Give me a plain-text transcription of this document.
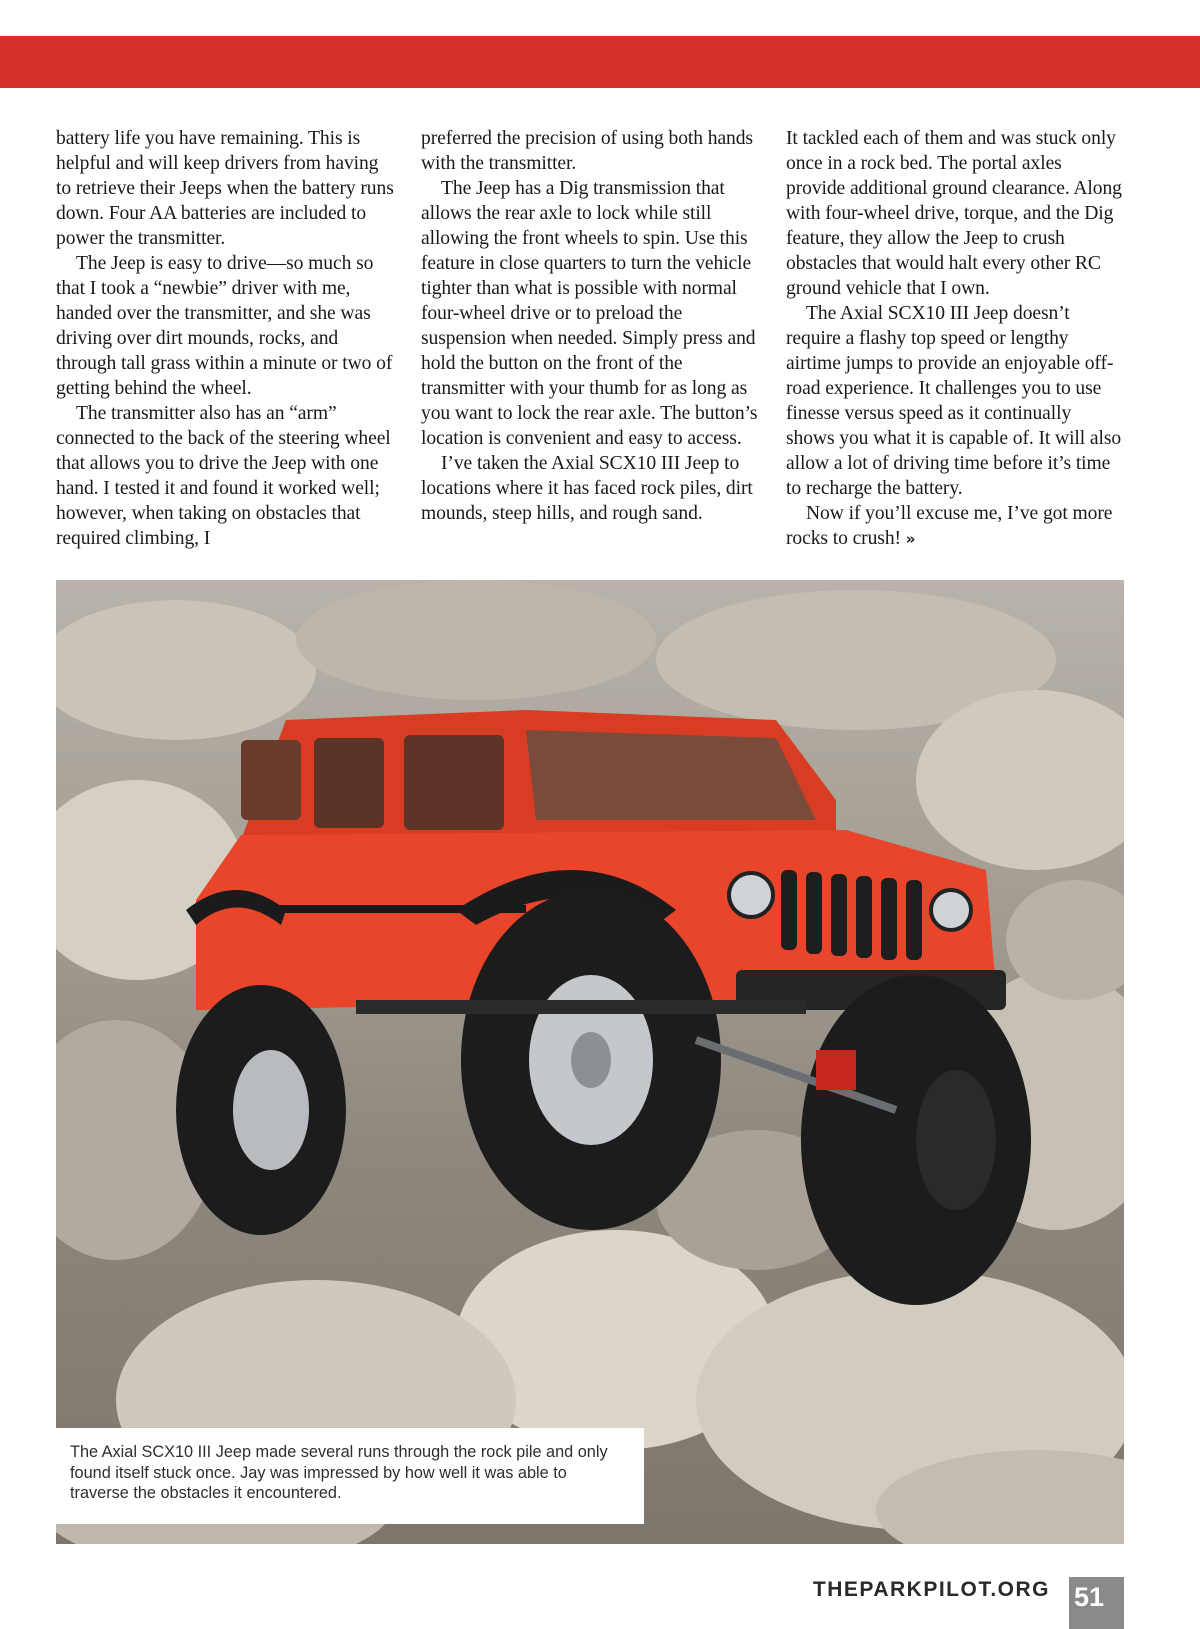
battery life you have remaining. This is helpful and will keep drivers from having to retrieve their Jeeps when the battery runs down. Four AA batteries are included to power the transmitter.

The Jeep is easy to drive—so much so that I took a “newbie” driver with me, handed over the transmitter, and she was driving over dirt mounds, rocks, and through tall grass within a minute or two of getting behind the wheel.

The transmitter also has an “arm” connected to the back of the steering wheel that allows you to drive the Jeep with one hand. I tested it and found it worked well; however, when taking on obstacles that required climbing, I

preferred the precision of using both hands with the transmitter.

The Jeep has a Dig transmission that allows the rear axle to lock while still allowing the front wheels to spin. Use this feature in close quarters to turn the vehicle tighter than what is possible with normal four-wheel drive or to preload the suspension when needed. Simply press and hold the button on the front of the transmitter with your thumb for as long as you want to lock the rear axle. The button’s location is convenient and easy to access.

I’ve taken the Axial SCX10 III Jeep to locations where it has faced rock piles, dirt mounds, steep hills, and rough sand.

It tackled each of them and was stuck only once in a rock bed. The portal axles provide additional ground clearance. Along with four-wheel drive, torque, and the Dig feature, they allow the Jeep to crush obstacles that would halt every other RC ground vehicle that I own.

The Axial SCX10 III Jeep doesn’t require a flashy top speed or lengthy airtime jumps to provide an enjoyable off-road experience. It challenges you to use finesse versus speed as it continually shows you what it is capable of. It will also allow a lot of driving time before it’s time to recharge the battery.

Now if you’ll excuse me, I’ve got more rocks to crush! »

The Axial SCX10 III Jeep made several runs through the rock pile and only found itself stuck once. Jay was impressed by how well it was able to traverse the obstacles it encountered.
THEPARKPILOT.ORG 51
